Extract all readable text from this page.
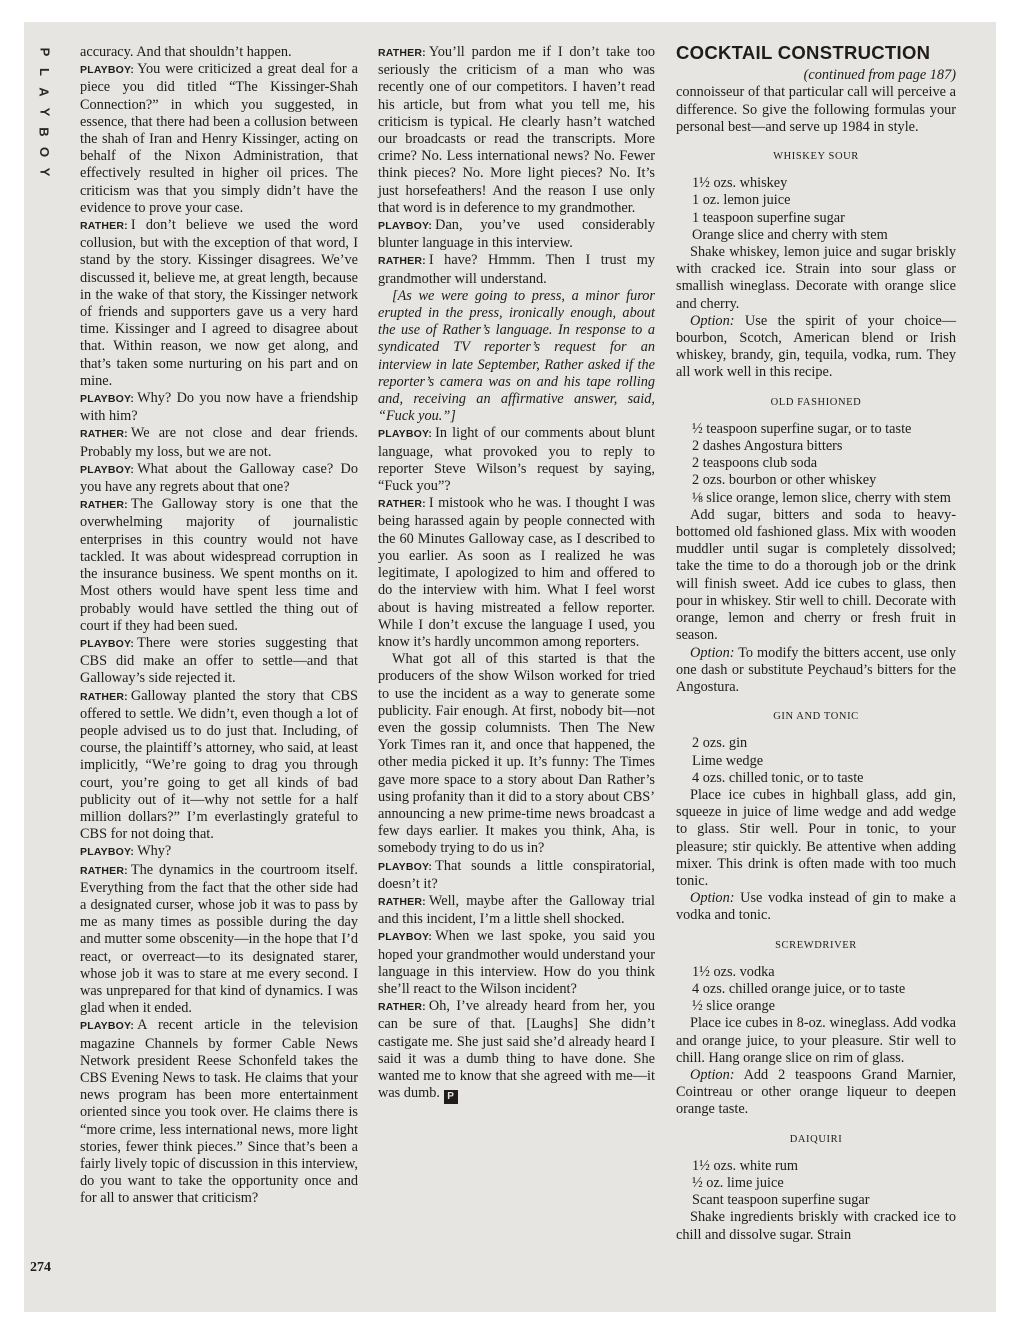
P
L
A
Y
B
O
Y
274

accuracy. And that shouldn’t happen.

PLAYBOY: You were criticized a great deal for a piece you did titled “The Kissinger-Shah Connection?” in which you suggested, in essence, that there had been a collusion between the shah of Iran and Henry Kissinger, acting on behalf of the Nixon Administration, that effectively resulted in higher oil prices. The criticism was that you simply didn’t have the evidence to prove your case.

RATHER: I don’t believe we used the word collusion, but with the exception of that word, I stand by the story. Kissinger disagrees. We’ve discussed it, believe me, at great length, because in the wake of that story, the Kissinger network of friends and supporters gave us a very hard time. Kissinger and I agreed to disagree about that. Within reason, we now get along, and that’s taken some nurturing on his part and on mine.

PLAYBOY: Why? Do you now have a friendship with him?

RATHER: We are not close and dear friends. Probably my loss, but we are not.

PLAYBOY: What about the Galloway case? Do you have any regrets about that one?

RATHER: The Galloway story is one that the overwhelming majority of journalistic enterprises in this country would not have tackled. It was about widespread corruption in the insurance business. We spent months on it. Most others would have spent less time and probably would have settled the thing out of court if they had been sued.

PLAYBOY: There were stories suggesting that CBS did make an offer to settle—and that Galloway’s side rejected it.

RATHER: Galloway planted the story that CBS offered to settle. We didn’t, even though a lot of people advised us to do just that. Including, of course, the plaintiff’s attorney, who said, at least implicitly, “We’re going to drag you through court, you’re going to get all kinds of bad publicity out of it—why not settle for a half million dollars?” I’m everlastingly grateful to CBS for not doing that.

PLAYBOY: Why?

RATHER: The dynamics in the courtroom itself. Everything from the fact that the other side had a designated curser, whose job it was to pass by me as many times as possible during the day and mutter some obscenity—in the hope that I’d react, or overreact—to its designated starer, whose job it was to stare at me every second. I was unprepared for that kind of dynamics. I was glad when it ended.

PLAYBOY: A recent article in the television magazine Channels by former Cable News Network president Reese Schonfeld takes the CBS Evening News to task. He claims that your news program has been more entertainment oriented since you took over. He claims there is “more crime, less international news, more light stories, fewer think pieces.” Since that’s been a fairly lively topic of discussion in this interview, do you want to take the opportunity once and for all to answer that criticism?

RATHER: You’ll pardon me if I don’t take too seriously the criticism of a man who was recently one of our competitors. I haven’t read his article, but from what you tell me, his criticism is typical. He clearly hasn’t watched our broadcasts or read the transcripts. More crime? No. Less international news? No. Fewer think pieces? No. More light pieces? No. It’s just horsefeathers! And the reason I use only that word is in deference to my grandmother.

PLAYBOY: Dan, you’ve used considerably blunter language in this interview.

RATHER: I have? Hmmm. Then I trust my grandmother will understand.

[As we were going to press, a minor furor erupted in the press, ironically enough, about the use of Rather’s language. In response to a syndicated TV reporter’s request for an interview in late September, Rather asked if the reporter’s camera was on and his tape rolling and, receiving an affirmative answer, said, “Fuck you.”]

PLAYBOY: In light of our comments about blunt language, what provoked you to reply to reporter Steve Wilson’s request by saying, “Fuck you”?

RATHER: I mistook who he was. I thought I was being harassed again by people connected with the 60 Minutes Galloway case, as I described to you earlier. As soon as I realized he was legitimate, I apologized to him and offered to do the interview with him. What I feel worst about is having mistreated a fellow reporter. While I don’t excuse the language I used, you know it’s hardly uncommon among reporters.

What got all of this started is that the producers of the show Wilson worked for tried to use the incident as a way to generate some publicity. Fair enough. At first, nobody bit—not even the gossip columnists. Then The New York Times ran it, and once that happened, the other media picked it up. It’s funny: The Times gave more space to a story about Dan Rather’s using profanity than it did to a story about CBS’ announcing a new prime-time news broadcast a few days earlier. It makes you think, Aha, is somebody trying to do us in?

PLAYBOY: That sounds a little conspiratorial, doesn’t it?

RATHER: Well, maybe after the Galloway trial and this incident, I’m a little shell shocked.

PLAYBOY: When we last spoke, you said you hoped your grandmother would understand your language in this interview. How do you think she’ll react to the Wilson incident?

RATHER: Oh, I’ve already heard from her, you can be sure of that. [Laughs] She didn’t castigate me. She just said she’d already heard I said it was a dumb thing to have done. She wanted me to know that she agreed with me—it was dumb. P

COCKTAIL CONSTRUCTION

(continued from page 187)

connoisseur of that particular call will perceive a difference. So give the following formulas your personal best—and serve up 1984 in style.

WHISKEY SOUR

1½ ozs. whiskey

1 oz. lemon juice

1 teaspoon superfine sugar

Orange slice and cherry with stem

Shake whiskey, lemon juice and sugar briskly with cracked ice. Strain into sour glass or smallish wineglass. Decorate with orange slice and cherry.

Option: Use the spirit of your choice—bourbon, Scotch, American blend or Irish whiskey, brandy, gin, tequila, vodka, rum. They all work well in this recipe.

OLD FASHIONED

½ teaspoon superfine sugar, or to taste

2 dashes Angostura bitters

2 teaspoons club soda

2 ozs. bourbon or other whiskey

⅛ slice orange, lemon slice, cherry with stem

Add sugar, bitters and soda to heavy-bottomed old fashioned glass. Mix with wooden muddler until sugar is completely dissolved; take the time to do a thorough job or the drink will finish sweet. Add ice cubes to glass, then pour in whiskey. Stir well to chill. Decorate with orange, lemon and cherry or fresh fruit in season.

Option: To modify the bitters accent, use only one dash or substitute Peychaud’s bitters for the Angostura.

GIN AND TONIC

2 ozs. gin

Lime wedge

4 ozs. chilled tonic, or to taste

Place ice cubes in highball glass, add gin, squeeze in juice of lime wedge and add wedge to glass. Stir well. Pour in tonic, to your pleasure; stir quickly. Be attentive when adding mixer. This drink is often made with too much tonic.

Option: Use vodka instead of gin to make a vodka and tonic.

SCREWDRIVER

1½ ozs. vodka

4 ozs. chilled orange juice, or to taste

½ slice orange

Place ice cubes in 8-oz. wineglass. Add vodka and orange juice, to your pleasure. Stir well to chill. Hang orange slice on rim of glass.

Option: Add 2 teaspoons Grand Marnier, Cointreau or other orange liqueur to deepen orange taste.

DAIQUIRI

1½ ozs. white rum

½ oz. lime juice

Scant teaspoon superfine sugar

Shake ingredients briskly with cracked ice to chill and dissolve sugar. Strain
